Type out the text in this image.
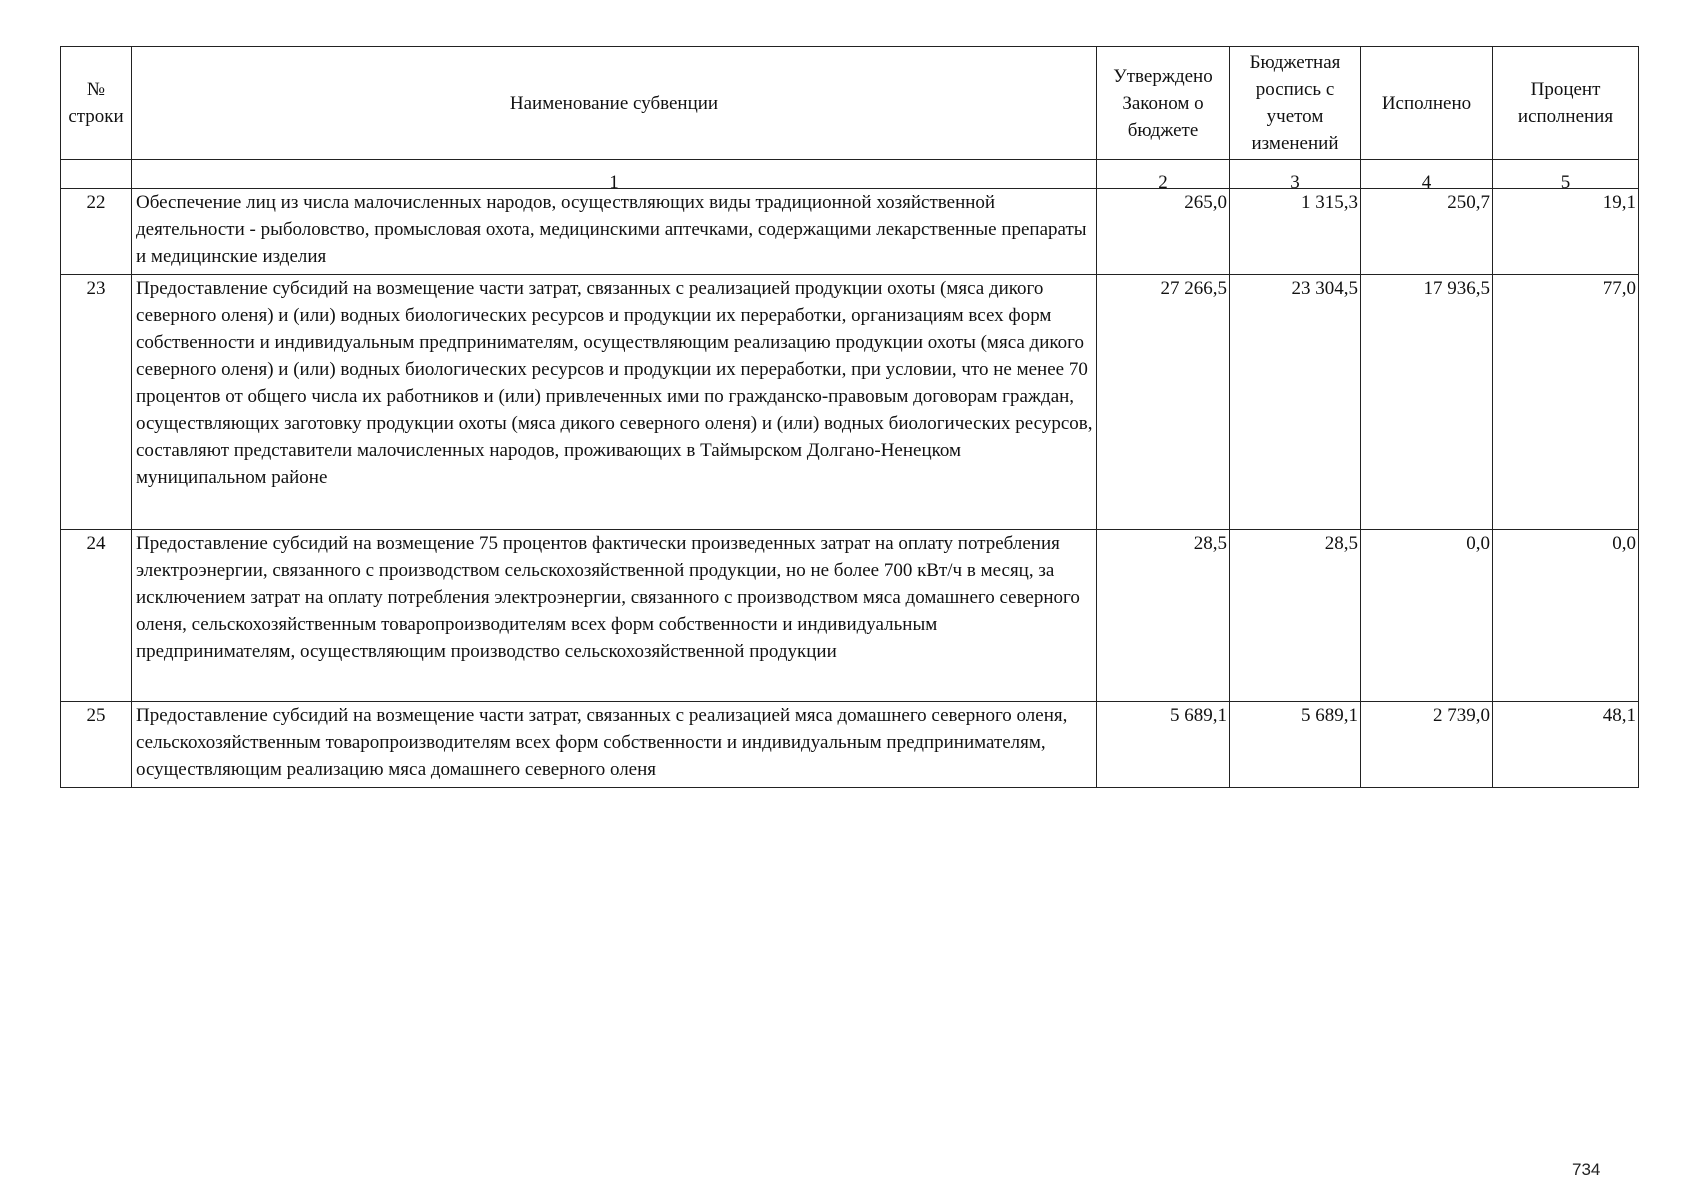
№ строки	Наименование субвенции	Утверждено Законом о бюджете	Бюджетная роспись с учетом изменений	Исполнено	Процент исполнения

	1	2	3	4	5

22	Обеспечение лиц из числа малочисленных народов, осуществляющих виды традиционной хозяйственной деятельности - рыболовство, промысловая охота, медицинскими аптечками, содержащими лекарственные препараты и медицинские изделия	265,0	1 315,3	250,7	19,1
23	Предоставление субсидий на возмещение части затрат, связанных с реализацией продукции охоты (мяса дикого северного оленя) и (или) водных биологических ресурсов и продукции их переработки, организациям всех форм собственности и индивидуальным предпринимателям, осуществляющим реализацию продукции охоты (мяса дикого северного оленя) и (или) водных биологических ресурсов и продукции их переработки, при условии, что не менее 70 процентов от общего числа их работников и (или) привлеченных ими по гражданско-правовым договорам граждан, осуществляющих заготовку продукции охоты (мяса дикого северного оленя) и (или) водных биологических ресурсов, составляют представители малочисленных народов, проживающих в Таймырском Долгано-Ненецком муниципальном районе	27 266,5	23 304,5	17 936,5	77,0
24	Предоставление субсидий на возмещение 75 процентов фактически произведенных затрат на оплату потребления электроэнергии, связанного с производством сельскохозяйственной продукции, но не более 700 кВт/ч в месяц, за исключением затрат на оплату потребления электроэнергии, связанного с производством мяса домашнего северного оленя, сельскохозяйственным товаропроизводителям всех форм собственности и индивидуальным предпринимателям, осуществляющим производство сельскохозяйственной продукции	28,5	28,5	0,0	0,0
25	Предоставление субсидий на возмещение части затрат, связанных с реализацией мяса домашнего северного оленя, сельскохозяйственным товаропроизводителям всех форм собственности и индивидуальным предпринимателям, осуществляющим реализацию мяса домашнего северного оленя	5 689,1	5 689,1	2 739,0	48,1
734
